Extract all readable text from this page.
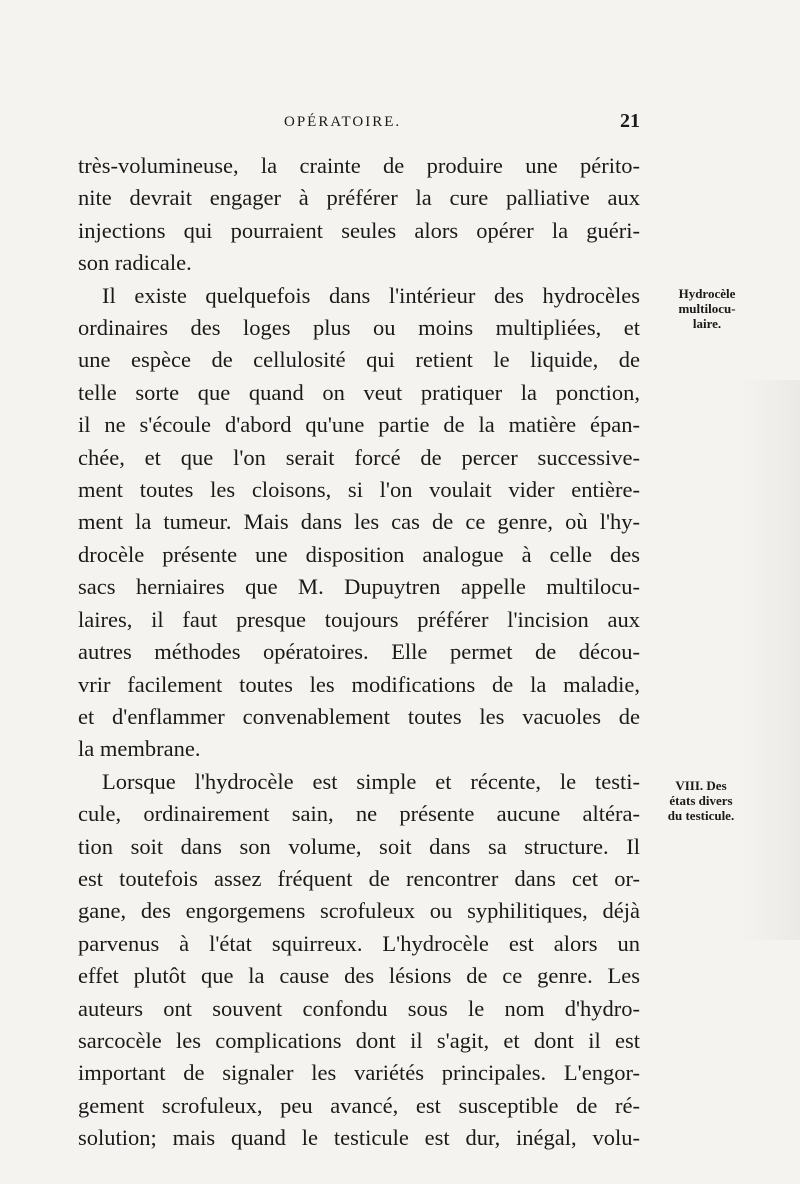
OPÉRATOIRE.	21
très-volumineuse, la crainte de produire une périto-
nite devrait engager à préférer la cure palliative aux
injections qui pourraient seules alors opérer la guéri-
son radicale.
Il existe quelquefois dans l'intérieur des hydrocèles
ordinaires des loges plus ou moins multipliées, et
une espèce de cellulosité qui retient le liquide, de
telle sorte que quand on veut pratiquer la ponction,
il ne s'écoule d'abord qu'une partie de la matière épan-
chée, et que l'on serait forcé de percer successive-
ment toutes les cloisons, si l'on voulait vider entière-
ment la tumeur. Mais dans les cas de ce genre, où l'hy-
drocèle présente une disposition analogue à celle des
sacs herniaires que M. Dupuytren appelle multilocu-
laires, il faut presque toujours préférer l'incision aux
autres méthodes opératoires. Elle permet de décou-
vrir facilement toutes les modifications de la maladie,
et d'enflammer convenablement toutes les vacuoles de
la membrane.
Lorsque l'hydrocèle est simple et récente, le testi-
cule, ordinairement sain, ne présente aucune altéra-
tion soit dans son volume, soit dans sa structure. Il
est toutefois assez fréquent de rencontrer dans cet or-
gane, des engorgemens scrofuleux ou syphilitiques, déjà
parvenus à l'état squirreux. L'hydrocèle est alors un
effet plutôt que la cause des lésions de ce genre. Les
auteurs ont souvent confondu sous le nom d'hydro-
sarcocèle les complications dont il s'agit, et dont il est
important de signaler les variétés principales. L'engor-
gement scrofuleux, peu avancé, est susceptible de ré-
solution; mais quand le testicule est dur, inégal, volu-
Hydrocèle
multilocu-
laire.
VIII. Des
états divers
du testicule.
